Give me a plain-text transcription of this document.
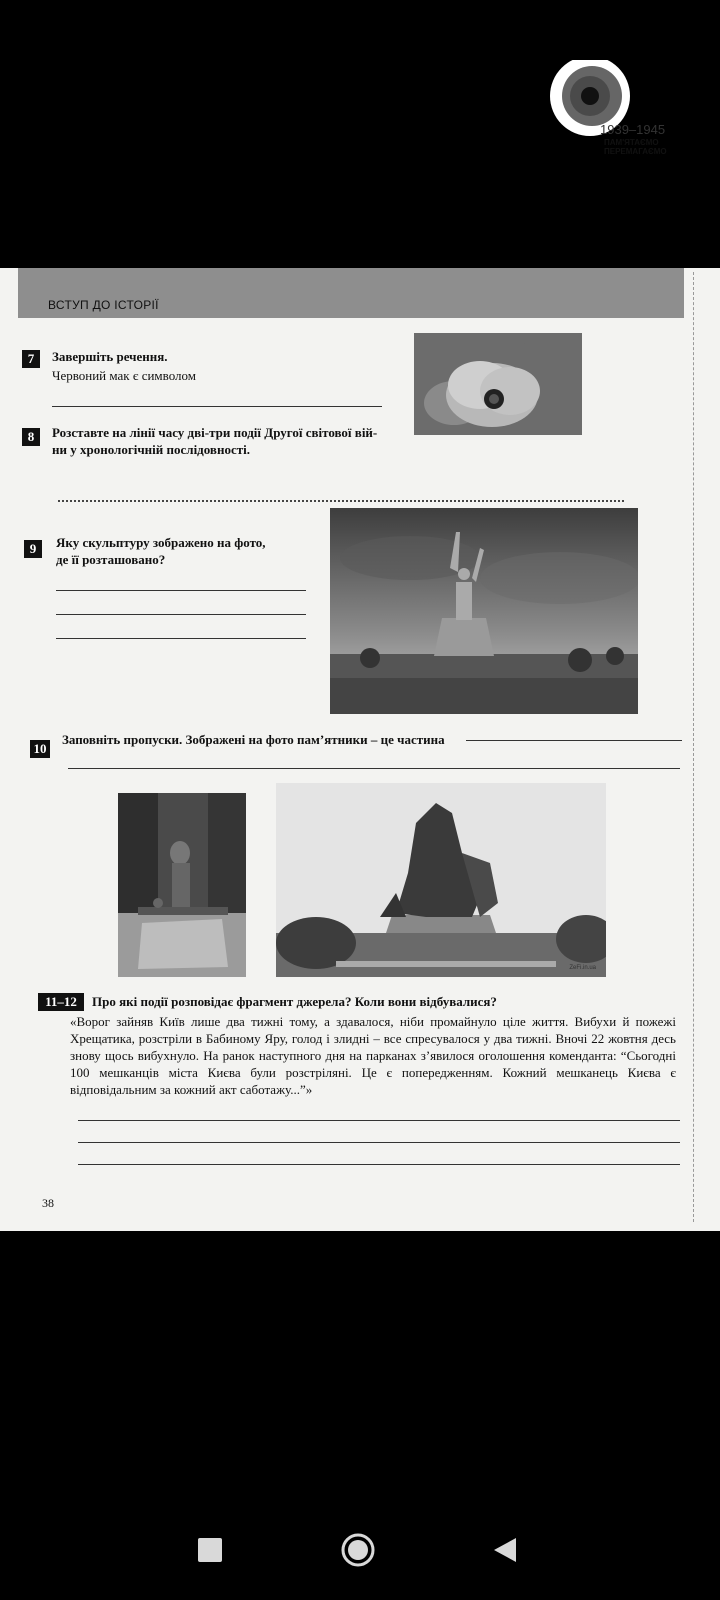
ВСТУП ДО ІСТОРІЇ
7	Завершіть речення.
Червоний мак є символом
1939–1945
ПАМ'ЯТАЄМО
ПЕРЕМАГАЄМО
8	Розставте на лінії часу дві-три події Другої світової вій-
ни у хронологічній послідовності.
9	Яку скульптуру зображено на фото,
де її розташовано?
10
Заповніть пропуски. Зображені на фото пам’ятники – це частина
ZeFi.in.ua
11–12	Про які події розповідає фрагмент джерела? Коли вони відбувалися?
«Ворог зайняв Київ лише два тижні тому, а здавалося, ніби промайнуло ціле життя. Вибухи й пожежі Хрещатика, розстріли в Бабиному Яру, голод і злидні – все спресувалося у два тижні. Вночі 22 жовтня десь знову щось вибухнуло. На ранок наступного дня на парканах з’явилося оголошення коменданта: “Сьогодні 100 мешканців міста Києва були розстріляні. Це є попередженням. Кожний мешканець Києва є відповідальним за кожний акт саботажу...”»
38
